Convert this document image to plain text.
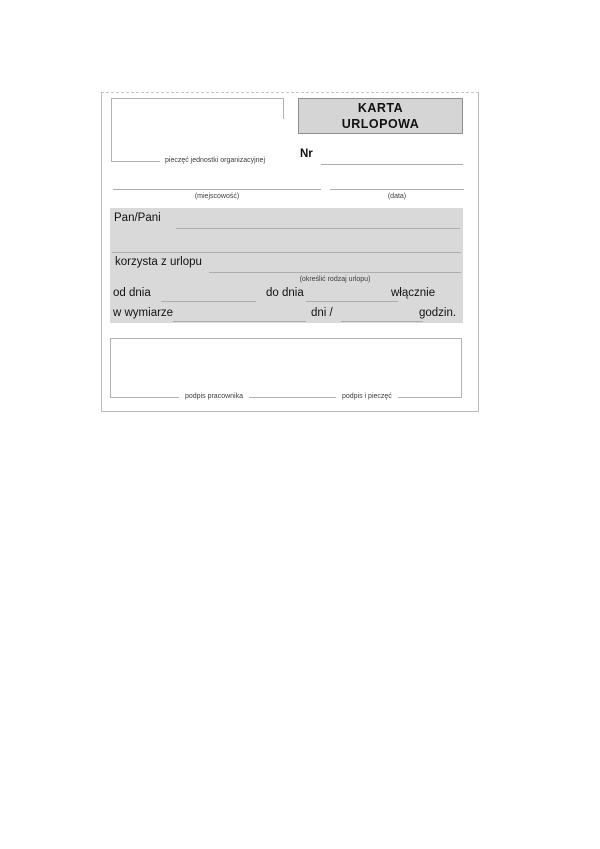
pieczęć jednostki organizacyjnej
KARTA
URLOPOWA
Nr
(miejscowość)	(data)
Pan/Pani
korzysta z urlopu
(określić rodzaj urlopu)
od dnia	do dnia	włącznie
w wymiarze	dni /	godzin.
podpis pracownika	podpis i pieczęć
